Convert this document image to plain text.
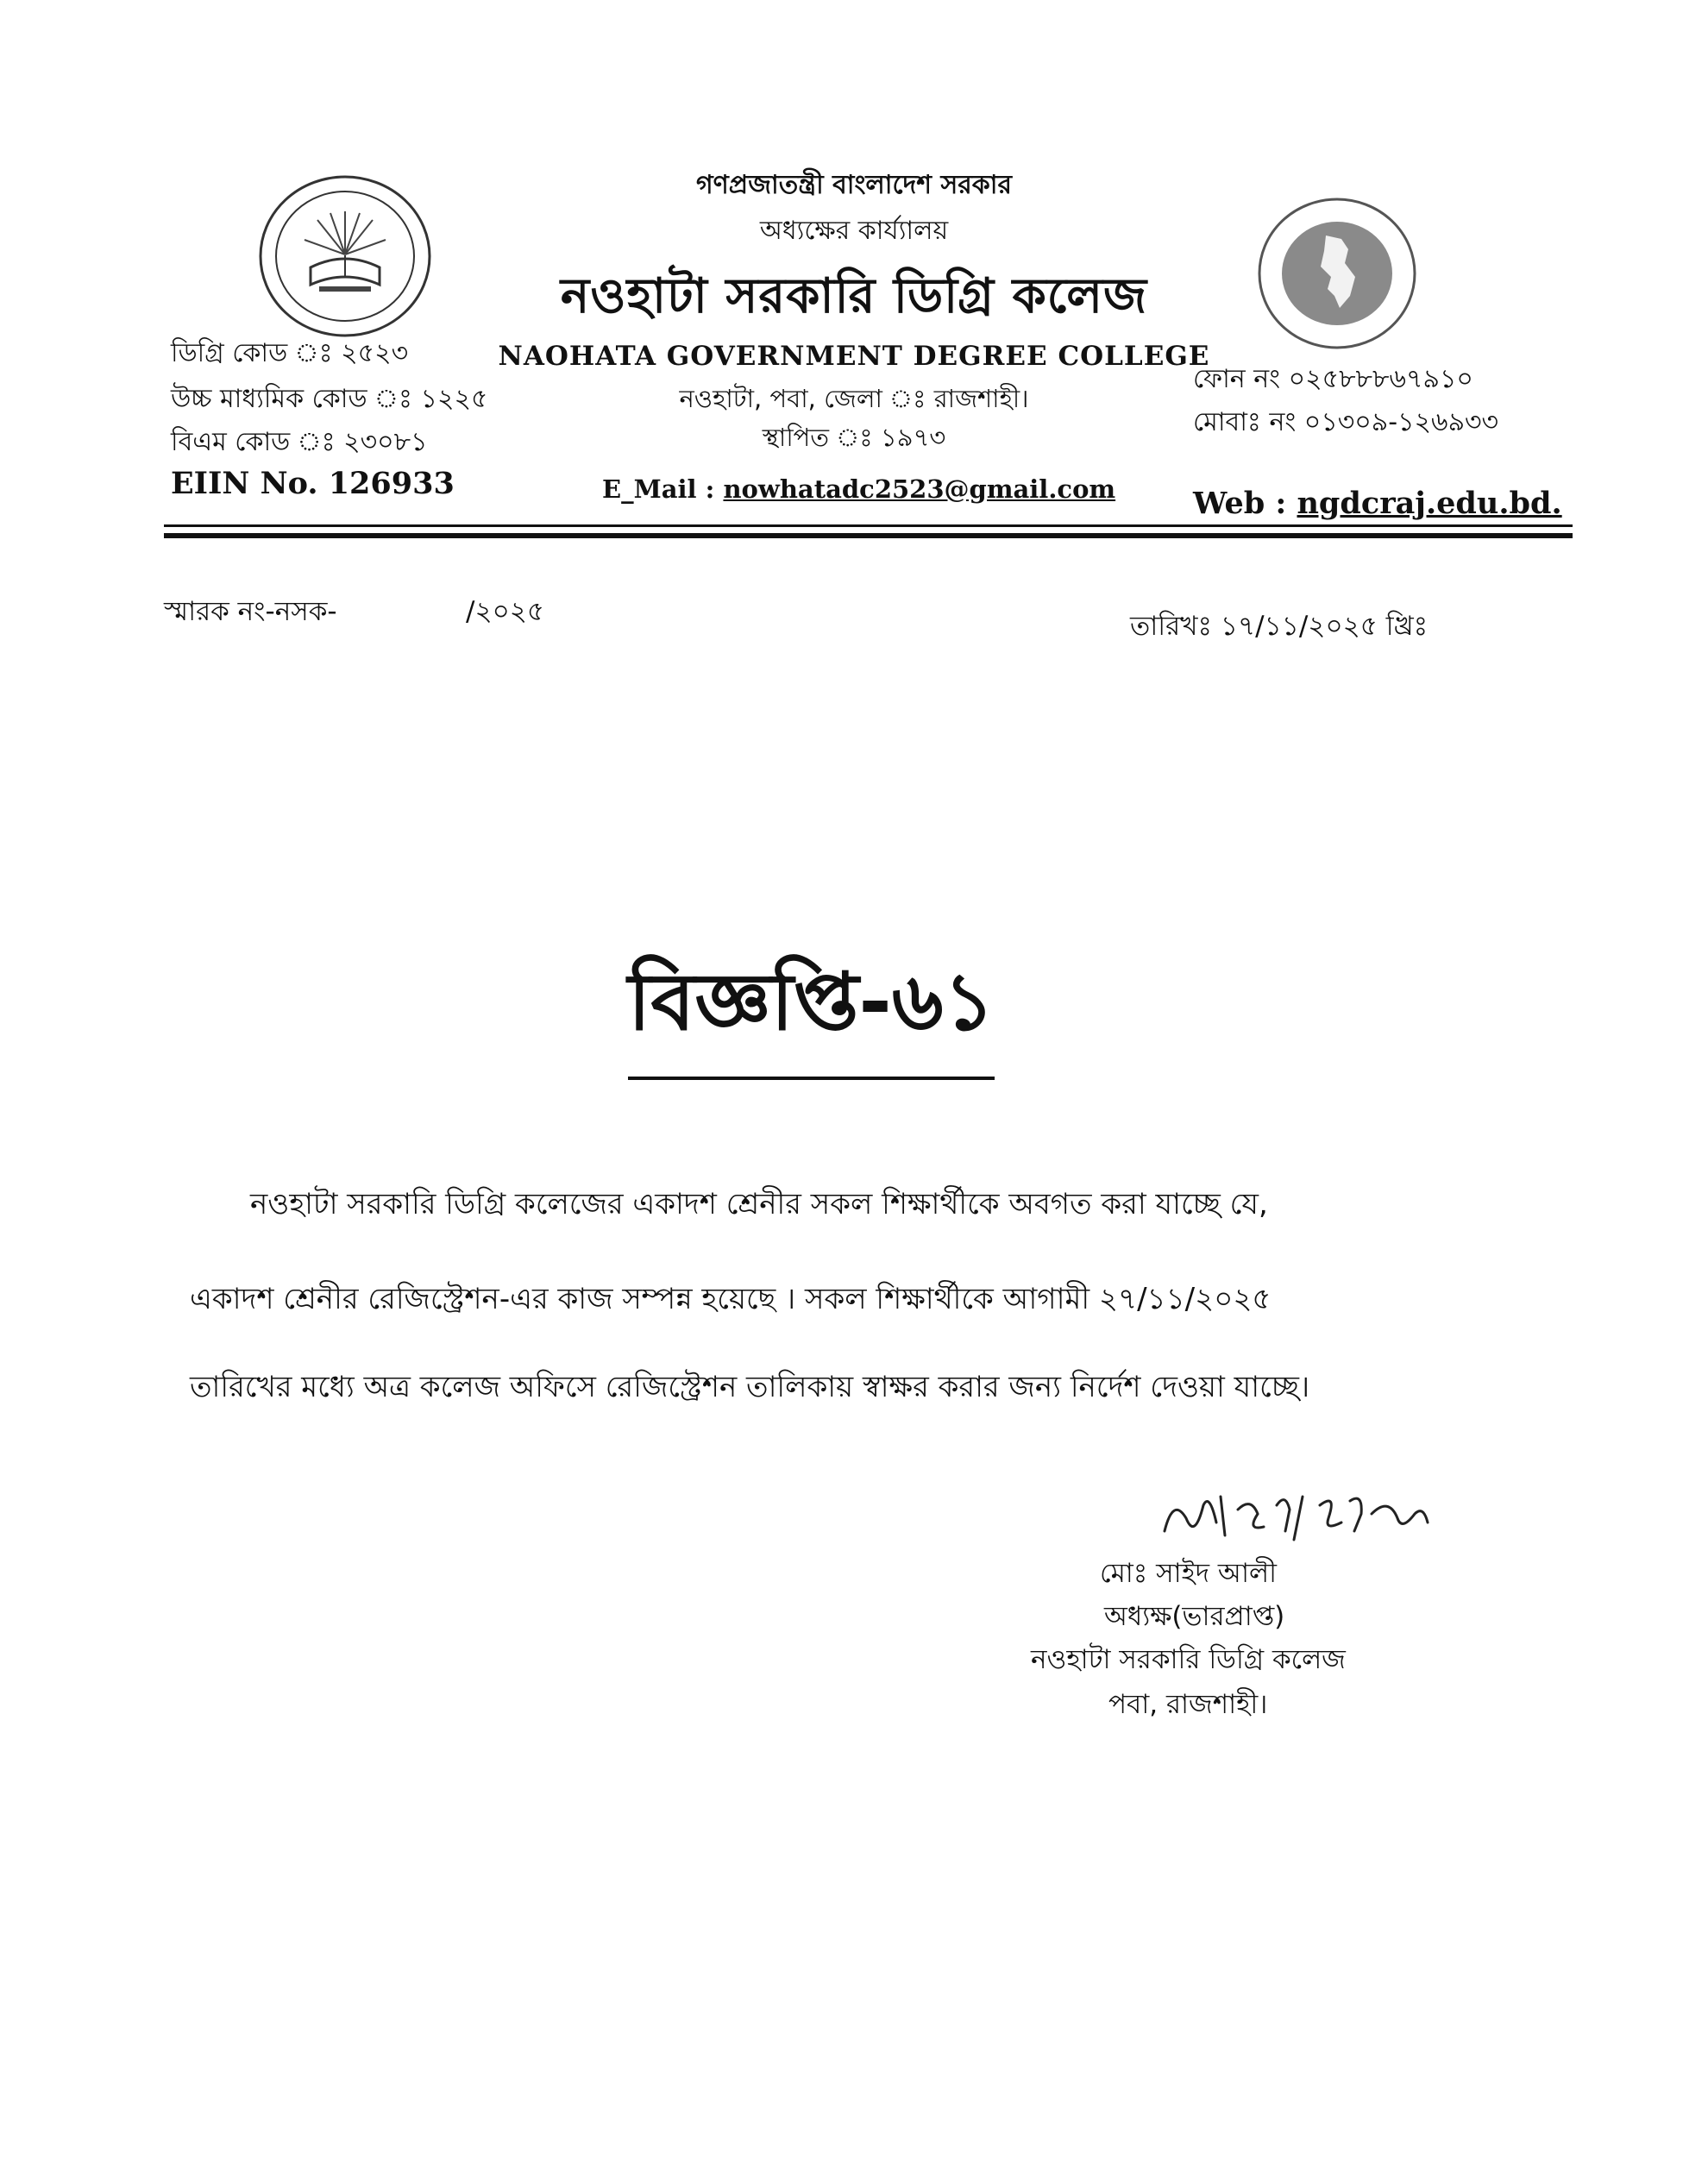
গণপ্রজাতন্ত্রী বাংলাদেশ সরকার
অধ্যক্ষের কার্য্যালয়
নওহাটা সরকারি ডিগ্রি কলেজ
NAOHATA GOVERNMENT DEGREE COLLEGE
নওহাটা, পবা, জেলা ঃ রাজশাহী।
স্থাপিত ঃ ১৯৭৩
ডিগ্রি কোড ঃ ২৫২৩
উচ্চ মাধ্যমিক কোড ঃ ১২২৫
বিএম কোড ঃ ২৩০৮১
EIIN No. 126933	E_Mail : nowhatadc2523@gmail.com
ফোন নং ০২৫৮৮৮৬৭৯১০
মোবাঃ নং ০১৩০৯-১২৬৯৩৩
Web : ngdcraj.edu.bd.
স্মারক নং-নসক-	/২০২৫	তারিখঃ ১৭/১১/২০২৫ খ্রিঃ
বিজ্ঞপ্তি-৬১
নওহাটা সরকারি ডিগ্রি কলেজের একাদশ শ্রেনীর সকল শিক্ষার্থীকে অবগত করা যাচ্ছে যে,
একাদশ শ্রেনীর রেজিস্ট্রেশন-এর কাজ সম্পন্ন হয়েছে । সকল শিক্ষার্থীকে আগামী ২৭/১১/২০২৫
তারিখের মধ্যে অত্র কলেজ অফিসে রেজিস্ট্রেশন তালিকায় স্বাক্ষর করার জন্য নির্দেশ দেওয়া যাচ্ছে।
মোঃ সাইদ আলী
অধ্যক্ষ(ভারপ্রাপ্ত)
নওহাটা সরকারি ডিগ্রি কলেজ
পবা, রাজশাহী।
